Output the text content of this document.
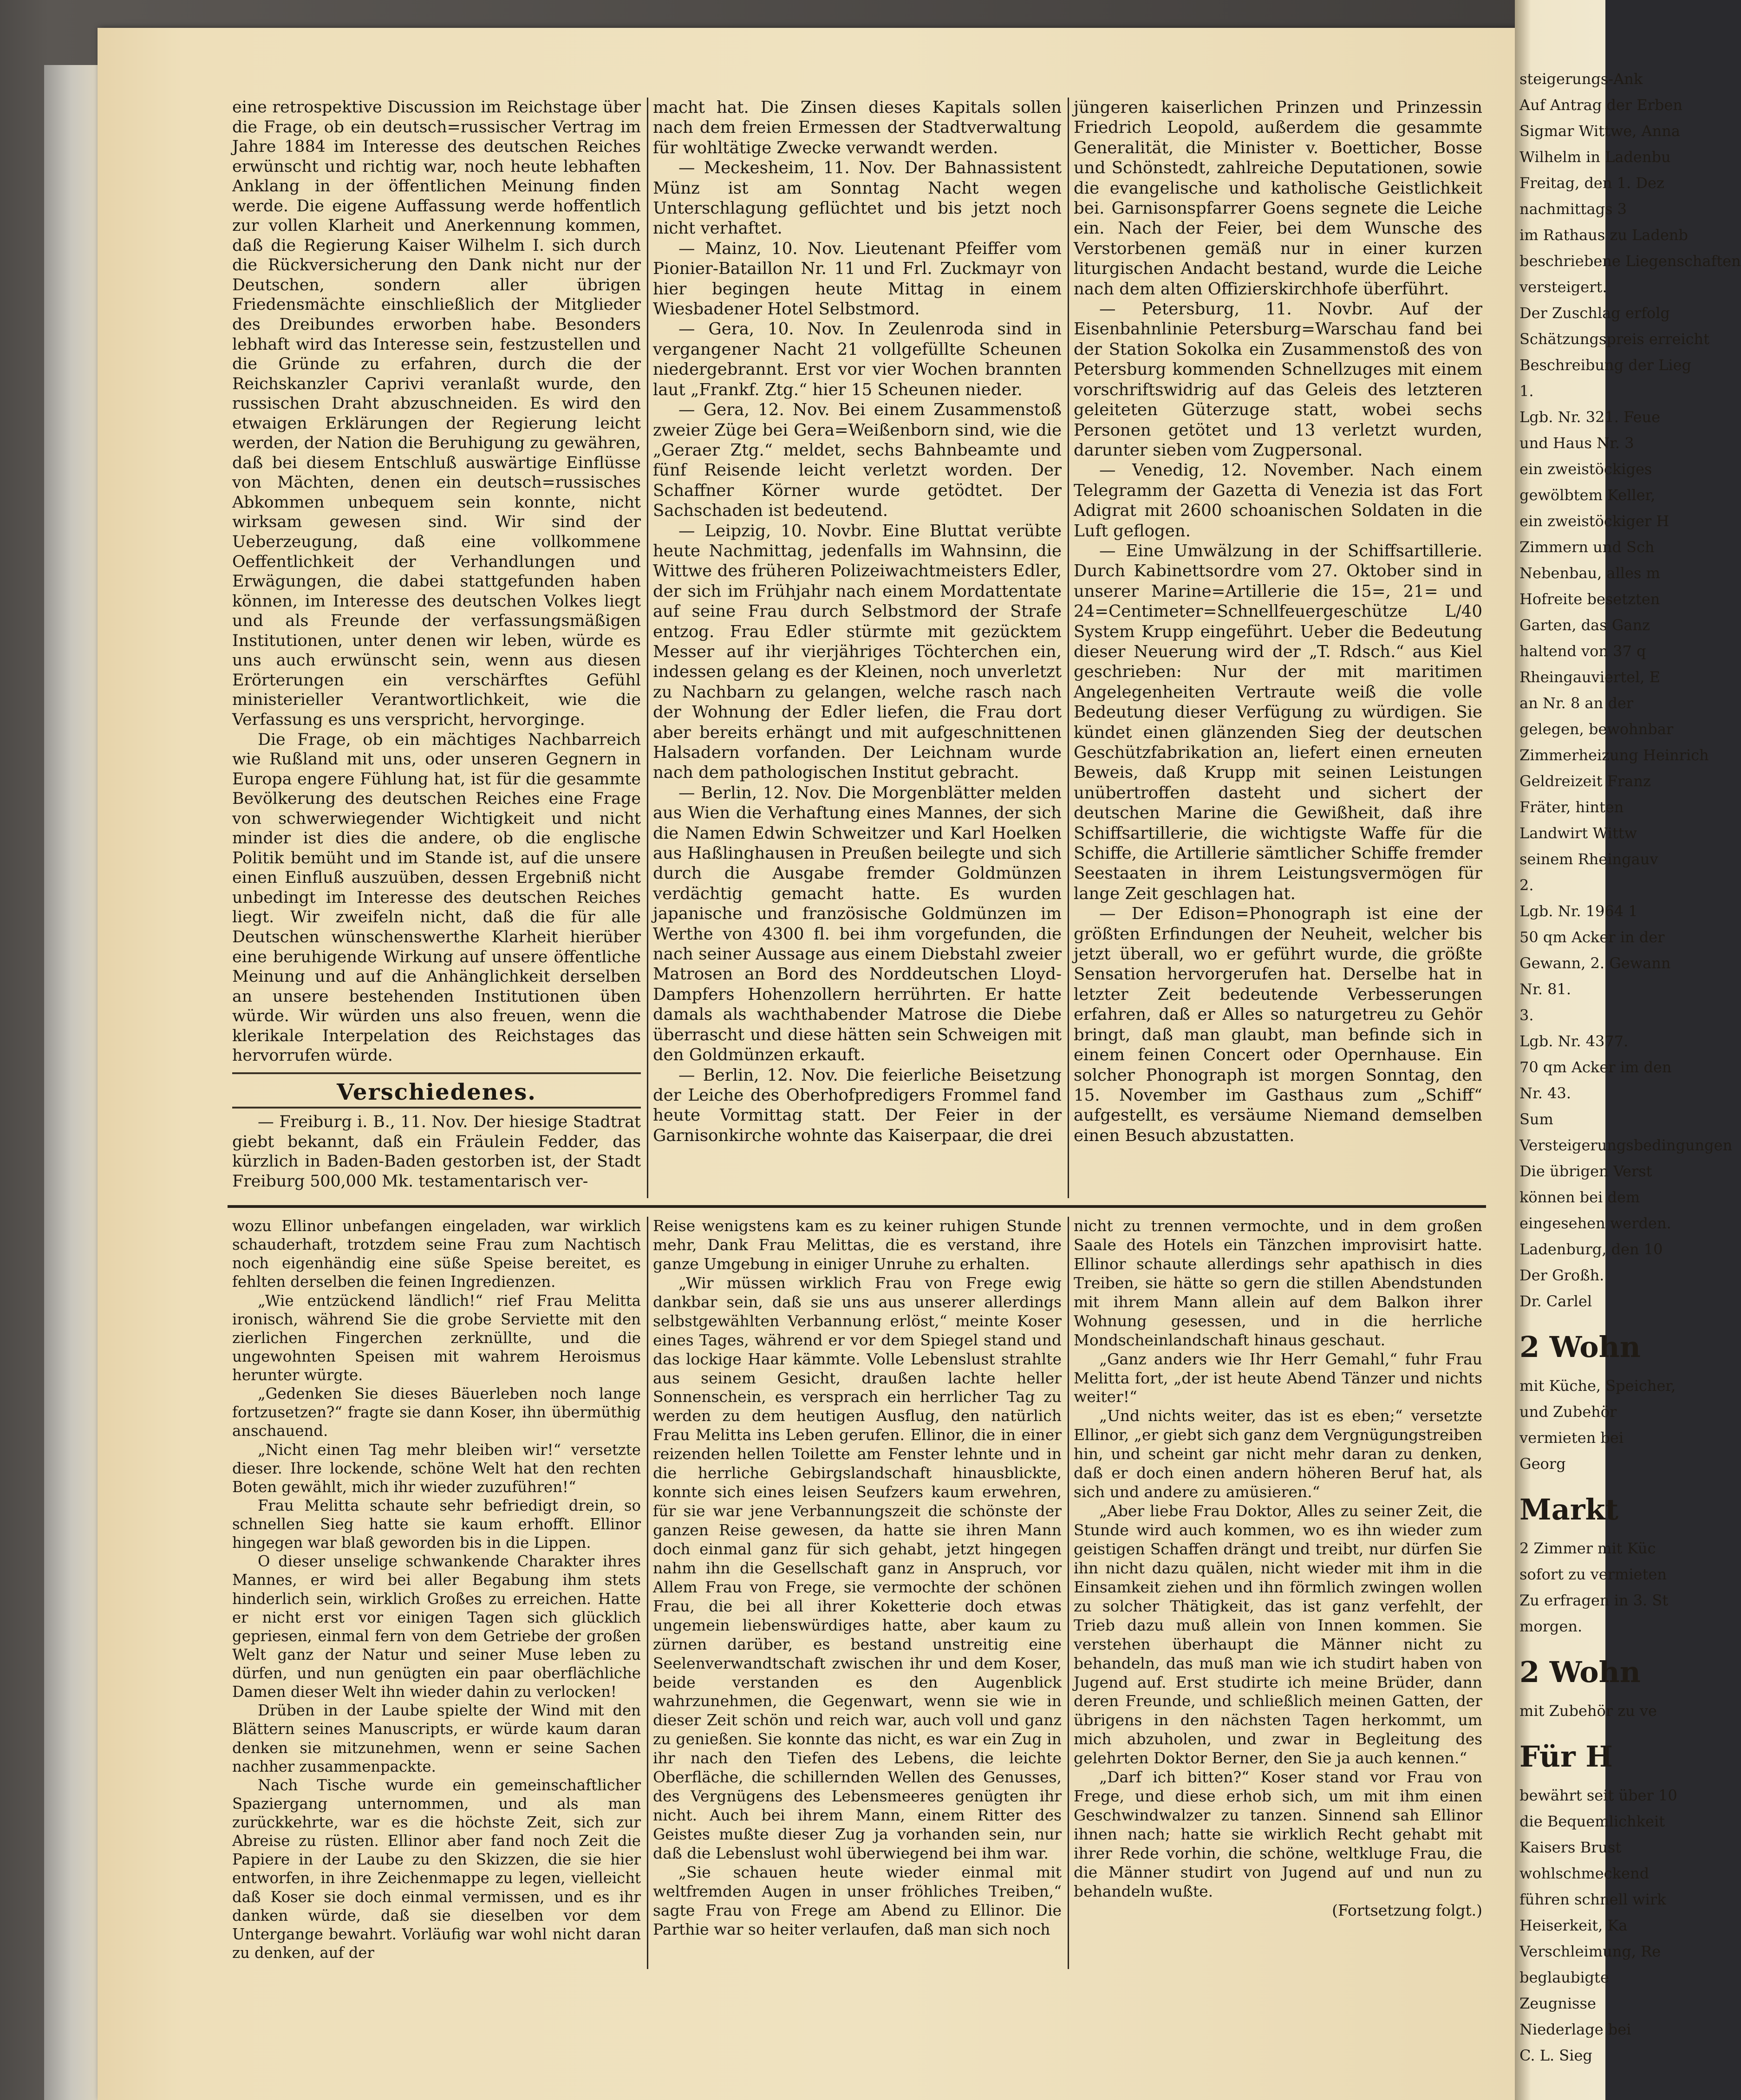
eine retrospektive Discussion im Reichstage über die Frage, ob ein deutsch=russischer Vertrag im Jahre 1884 im Interesse des deutschen Reiches erwünscht und richtig war, noch heute lebhaften Anklang in der öffentlichen Meinung finden werde. Die eigene Auffassung werde hoffentlich zur vollen Klarheit und Anerkennung kommen, daß die Regierung Kaiser Wilhelm I. sich durch die Rückversicherung den Dank nicht nur der Deutschen, sondern aller übrigen Friedensmächte einschließlich der Mitglieder des Dreibundes erworben habe. Besonders lebhaft wird das Interesse sein, festzustellen und die Gründe zu erfahren, durch die der Reichskanzler Caprivi veranlaßt wurde, den russischen Draht abzuschneiden. Es wird den etwaigen Erklärungen der Regierung leicht werden, der Nation die Beruhigung zu gewähren, daß bei diesem Entschluß auswärtige Einflüsse von Mächten, denen ein deutsch=russisches Abkommen unbequem sein konnte, nicht wirksam gewesen sind. Wir sind der Ueberzeugung, daß eine vollkommene Oeffentlichkeit der Verhandlungen und Erwägungen, die dabei stattgefunden haben können, im Interesse des deutschen Volkes liegt und als Freunde der verfassungsmäßigen Institutionen, unter denen wir leben, würde es uns auch erwünscht sein, wenn aus diesen Erörterungen ein verschärftes Gefühl ministerieller Verantwortlichkeit, wie die Verfassung es uns verspricht, hervorginge.

Die Frage, ob ein mächtiges Nachbarreich wie Rußland mit uns, oder unseren Gegnern in Europa engere Fühlung hat, ist für die gesammte Bevölkerung des deutschen Reiches eine Frage von schwerwiegender Wichtigkeit und nicht minder ist dies die andere, ob die englische Politik bemüht und im Stande ist, auf die unsere einen Einfluß auszuüben, dessen Ergebniß nicht unbedingt im Interesse des deutschen Reiches liegt. Wir zweifeln nicht, daß die für alle Deutschen wünschenswerthe Klarheit hierüber eine beruhigende Wirkung auf unsere öffentliche Meinung und auf die Anhänglichkeit derselben an unsere bestehenden Institutionen üben würde. Wir würden uns also freuen, wenn die klerikale Interpelation des Reichstages das hervorrufen würde.

Verschiedenes.

— Freiburg i. B., 11. Nov. Der hiesige Stadtrat giebt bekannt, daß ein Fräulein Fedder, das kürzlich in Baden-Baden gestorben ist, der Stadt Freiburg 500,000 Mk. testamentarisch ver-

macht hat. Die Zinsen dieses Kapitals sollen nach dem freien Ermessen der Stadtverwaltung für wohltätige Zwecke verwandt werden.

— Meckesheim, 11. Nov. Der Bahnassistent Münz ist am Sonntag Nacht wegen Unterschlagung geflüchtet und bis jetzt noch nicht verhaftet.

— Mainz, 10. Nov. Lieutenant Pfeiffer vom Pionier-Bataillon Nr. 11 und Frl. Zuckmayr von hier begingen heute Mittag in einem Wiesbadener Hotel Selbstmord.

— Gera, 10. Nov. In Zeulenroda sind in vergangener Nacht 21 vollgefüllte Scheunen niedergebrannt. Erst vor vier Wochen brannten laut „Frankf. Ztg.“ hier 15 Scheunen nieder.

— Gera, 12. Nov. Bei einem Zusammenstoß zweier Züge bei Gera=Weißenborn sind, wie die „Geraer Ztg.“ meldet, sechs Bahnbeamte und fünf Reisende leicht verletzt worden. Der Schaffner Körner wurde getödtet. Der Sachschaden ist bedeutend.

— Leipzig, 10. Novbr. Eine Bluttat verübte heute Nachmittag, jedenfalls im Wahnsinn, die Wittwe des früheren Polizeiwachtmeisters Edler, der sich im Frühjahr nach einem Mordattentate auf seine Frau durch Selbstmord der Strafe entzog. Frau Edler stürmte mit gezücktem Messer auf ihr vierjähriges Töchterchen ein, indessen gelang es der Kleinen, noch unverletzt zu Nachbarn zu gelangen, welche rasch nach der Wohnung der Edler liefen, die Frau dort aber bereits erhängt und mit aufgeschnittenen Halsadern vorfanden. Der Leichnam wurde nach dem pathologischen Institut gebracht.

— Berlin, 12. Nov. Die Morgenblätter melden aus Wien die Verhaftung eines Mannes, der sich die Namen Edwin Schweitzer und Karl Hoelken aus Haßlinghausen in Preußen beilegte und sich durch die Ausgabe fremder Goldmünzen verdächtig gemacht hatte. Es wurden japanische und französische Goldmünzen im Werthe von 4300 fl. bei ihm vorgefunden, die nach seiner Aussage aus einem Diebstahl zweier Matrosen an Bord des Norddeutschen Lloyd-Dampfers Hohenzollern herrührten. Er hatte damals als wachthabender Matrose die Diebe überrascht und diese hätten sein Schweigen mit den Goldmünzen erkauft.

— Berlin, 12. Nov. Die feierliche Beisetzung der Leiche des Oberhofpredigers Frommel fand heute Vormittag statt. Der Feier in der Garnisonkirche wohnte das Kaiserpaar, die drei

jüngeren kaiserlichen Prinzen und Prinzessin Friedrich Leopold, außerdem die gesammte Generalität, die Minister v. Boetticher, Bosse und Schönstedt, zahlreiche Deputationen, sowie die evangelische und katholische Geistlichkeit bei. Garnisonspfarrer Goens segnete die Leiche ein. Nach der Feier, bei dem Wunsche des Verstorbenen gemäß nur in einer kurzen liturgischen Andacht bestand, wurde die Leiche nach dem alten Offizierskirchhofe überführt.

— Petersburg, 11. Novbr. Auf der Eisenbahnlinie Petersburg=Warschau fand bei der Station Sokolka ein Zusammenstoß des von Petersburg kommenden Schnellzuges mit einem vorschriftswidrig auf das Geleis des letzteren geleiteten Güterzuge statt, wobei sechs Personen getötet und 13 verletzt wurden, darunter sieben vom Zugpersonal.

— Venedig, 12. November. Nach einem Telegramm der Gazetta di Venezia ist das Fort Adigrat mit 2600 schoanischen Soldaten in die Luft geflogen.

— Eine Umwälzung in der Schiffsartillerie. Durch Kabinettsordre vom 27. Oktober sind in unserer Marine=Artillerie die 15=, 21= und 24=Centimeter=Schnellfeuergeschütze L/40 System Krupp eingeführt. Ueber die Bedeutung dieser Neuerung wird der „T. Rdsch.“ aus Kiel geschrieben: Nur der mit maritimen Angelegenheiten Vertraute weiß die volle Bedeutung dieser Verfügung zu würdigen. Sie kündet einen glänzenden Sieg der deutschen Geschützfabrikation an, liefert einen erneuten Beweis, daß Krupp mit seinen Leistungen unübertroffen dasteht und sichert der deutschen Marine die Gewißheit, daß ihre Schiffsartillerie, die wichtigste Waffe für die Schiffe, die Artillerie sämtlicher Schiffe fremder Seestaaten in ihrem Leistungsvermögen für lange Zeit geschlagen hat.

— Der Edison=Phonograph ist eine der größten Erfindungen der Neuheit, welcher bis jetzt überall, wo er geführt wurde, die größte Sensation hervorgerufen hat. Derselbe hat in letzter Zeit bedeutende Verbesserungen erfahren, daß er Alles so naturgetreu zu Gehör bringt, daß man glaubt, man befinde sich in einem feinen Concert oder Opernhause. Ein solcher Phonograph ist morgen Sonntag, den 15. November im Gasthaus zum „Schiff“ aufgestellt, es versäume Niemand demselben einen Besuch abzustatten.

wozu Ellinor unbefangen eingeladen, war wirklich schauderhaft, trotzdem seine Frau zum Nachtisch noch eigenhändig eine süße Speise bereitet, es fehlten derselben die feinen Ingredienzen.

„Wie entzückend ländlich!“ rief Frau Melitta ironisch, während Sie die grobe Serviette mit den zierlichen Fingerchen zerknüllte, und die ungewohnten Speisen mit wahrem Heroismus herunter würgte.

„Gedenken Sie dieses Bäuerleben noch lange fortzusetzen?“ fragte sie dann Koser, ihn übermüthig anschauend.

„Nicht einen Tag mehr bleiben wir!“ versetzte dieser. Ihre lockende, schöne Welt hat den rechten Boten gewählt, mich ihr wieder zuzuführen!“

Frau Melitta schaute sehr befriedigt drein, so schnellen Sieg hatte sie kaum erhofft. Ellinor hingegen war blaß geworden bis in die Lippen.

O dieser unselige schwankende Charakter ihres Mannes, er wird bei aller Begabung ihm stets hinderlich sein, wirklich Großes zu erreichen. Hatte er nicht erst vor einigen Tagen sich glücklich gepriesen, einmal fern von dem Getriebe der großen Welt ganz der Natur und seiner Muse leben zu dürfen, und nun genügten ein paar oberflächliche Damen dieser Welt ihn wieder dahin zu verlocken!

Drüben in der Laube spielte der Wind mit den Blättern seines Manuscripts, er würde kaum daran denken sie mitzunehmen, wenn er seine Sachen nachher zusammenpackte.

Nach Tische wurde ein gemeinschaftlicher Spaziergang unternommen, und als man zurückkehrte, war es die höchste Zeit, sich zur Abreise zu rüsten. Ellinor aber fand noch Zeit die Papiere in der Laube zu den Skizzen, die sie hier entworfen, in ihre Zeichenmappe zu legen, vielleicht daß Koser sie doch einmal vermissen, und es ihr danken würde, daß sie dieselben vor dem Untergange bewahrt. Vorläufig war wohl nicht daran zu denken, auf der

Reise wenigstens kam es zu keiner ruhigen Stunde mehr, Dank Frau Melittas, die es verstand, ihre ganze Umgebung in einiger Unruhe zu erhalten.

„Wir müssen wirklich Frau von Frege ewig dankbar sein, daß sie uns aus unserer allerdings selbstgewählten Verbannung erlöst,“ meinte Koser eines Tages, während er vor dem Spiegel stand und das lockige Haar kämmte. Volle Lebenslust strahlte aus seinem Gesicht, draußen lachte heller Sonnenschein, es versprach ein herrlicher Tag zu werden zu dem heutigen Ausflug, den natürlich Frau Melitta ins Leben gerufen. Ellinor, die in einer reizenden hellen Toilette am Fenster lehnte und in die herrliche Gebirgslandschaft hinausblickte, konnte sich eines leisen Seufzers kaum erwehren, für sie war jene Verbannungszeit die schönste der ganzen Reise gewesen, da hatte sie ihren Mann doch einmal ganz für sich gehabt, jetzt hingegen nahm ihn die Gesellschaft ganz in Anspruch, vor Allem Frau von Frege, sie vermochte der schönen Frau, die bei all ihrer Koketterie doch etwas ungemein liebenswürdiges hatte, aber kaum zu zürnen darüber, es bestand unstreitig eine Seelenverwandtschaft zwischen ihr und dem Koser, beide verstanden es den Augenblick wahrzunehmen, die Gegenwart, wenn sie wie in dieser Zeit schön und reich war, auch voll und ganz zu genießen. Sie konnte das nicht, es war ein Zug in ihr nach den Tiefen des Lebens, die leichte Oberfläche, die schillernden Wellen des Genusses, des Vergnügens des Lebensmeeres genügten ihr nicht. Auch bei ihrem Mann, einem Ritter des Geistes mußte dieser Zug ja vorhanden sein, nur daß die Lebenslust wohl überwiegend bei ihm war.

„Sie schauen heute wieder einmal mit weltfremden Augen in unser fröhliches Treiben,“ sagte Frau von Frege am Abend zu Ellinor. Die Parthie war so heiter verlaufen, daß man sich noch

nicht zu trennen vermochte, und in dem großen Saale des Hotels ein Tänzchen improvisirt hatte. Ellinor schaute allerdings sehr apathisch in dies Treiben, sie hätte so gern die stillen Abendstunden mit ihrem Mann allein auf dem Balkon ihrer Wohnung gesessen, und in die herrliche Mondscheinlandschaft hinaus geschaut.

„Ganz anders wie Ihr Herr Gemahl,“ fuhr Frau Melitta fort, „der ist heute Abend Tänzer und nichts weiter!“

„Und nichts weiter, das ist es eben;“ versetzte Ellinor, „er giebt sich ganz dem Vergnügungstreiben hin, und scheint gar nicht mehr daran zu denken, daß er doch einen andern höheren Beruf hat, als sich und andere zu amüsieren.“

„Aber liebe Frau Doktor, Alles zu seiner Zeit, die Stunde wird auch kommen, wo es ihn wieder zum geistigen Schaffen drängt und treibt, nur dürfen Sie ihn nicht dazu quälen, nicht wieder mit ihm in die Einsamkeit ziehen und ihn förmlich zwingen wollen zu solcher Thätigkeit, das ist ganz verfehlt, der Trieb dazu muß allein von Innen kommen. Sie verstehen überhaupt die Männer nicht zu behandeln, das muß man wie ich studirt haben von Jugend auf. Erst studirte ich meine Brüder, dann deren Freunde, und schließlich meinen Gatten, der übrigens in den nächsten Tagen herkommt, um mich abzuholen, und zwar in Begleitung des gelehrten Doktor Berner, den Sie ja auch kennen.“

„Darf ich bitten?“ Koser stand vor Frau von Frege, und diese erhob sich, um mit ihm einen Geschwindwalzer zu tanzen. Sinnend sah Ellinor ihnen nach; hatte sie wirklich Recht gehabt mit ihrer Rede vorhin, die schöne, weltkluge Frau, die die Männer studirt von Jugend auf und nun zu behandeln wußte.

(Fortsetzung folgt.)

steigerungs-Ank
Auf Antrag der Erben
Sigmar Wittwe, Anna
Wilhelm in Ladenbu
Freitag, den 1. Dez
nachmittags 3
im Rathaus zu Ladenb
beschriebene Liegenschaften
versteigert.
Der Zuschlag erfolg
Schätzungspreis erreicht
Beschreibung der Lieg
1.
Lgb. Nr. 321. Feue
und Haus Nr. 3
ein zweistöckiges
gewölbtem Keller,
ein zweistöckiger H
Zimmern und Sch
Nebenbau, alles m
Hofreite besetzten
Garten, das Ganz
haltend von 37 q
Rheingauviertel, E
an Nr. 8 an der
gelegen, bewohnbar
Zimmerheizung Heinrich
Geldreizeit Franz
Fräter, hinten
Landwirt Wittw
seinem Rheingauv
2.
Lgb. Nr. 1964 1
50 qm Acker in der
Gewann, 2. Gewann
Nr. 81.
3.
Lgb. Nr. 4377.
70 qm Acker im den
Nr. 43.
Sum
Versteigerungsbedingungen
Die übrigen Verst
können bei dem
eingesehen werden.
Ladenburg, den 10
Der Großh.
Dr. Carlel
2 Wohn
mit Küche, Speicher,
und Zubehör
vermieten bei
Georg
Markt
2 Zimmer mit Küc
sofort zu vermieten
Zu erfragen in 3. St
morgen.
2 Wohn
mit Zubehör zu ve
Für H
bewährt seit über 10
die Bequemlichkeit
Kaisers Brust
wohlschmeckend
führen schnell wirk
Heiserkeit, Ka
Verschleimung, Re
beglaubigte
Zeugnisse
Niederlage bei
C. L. Sieg
